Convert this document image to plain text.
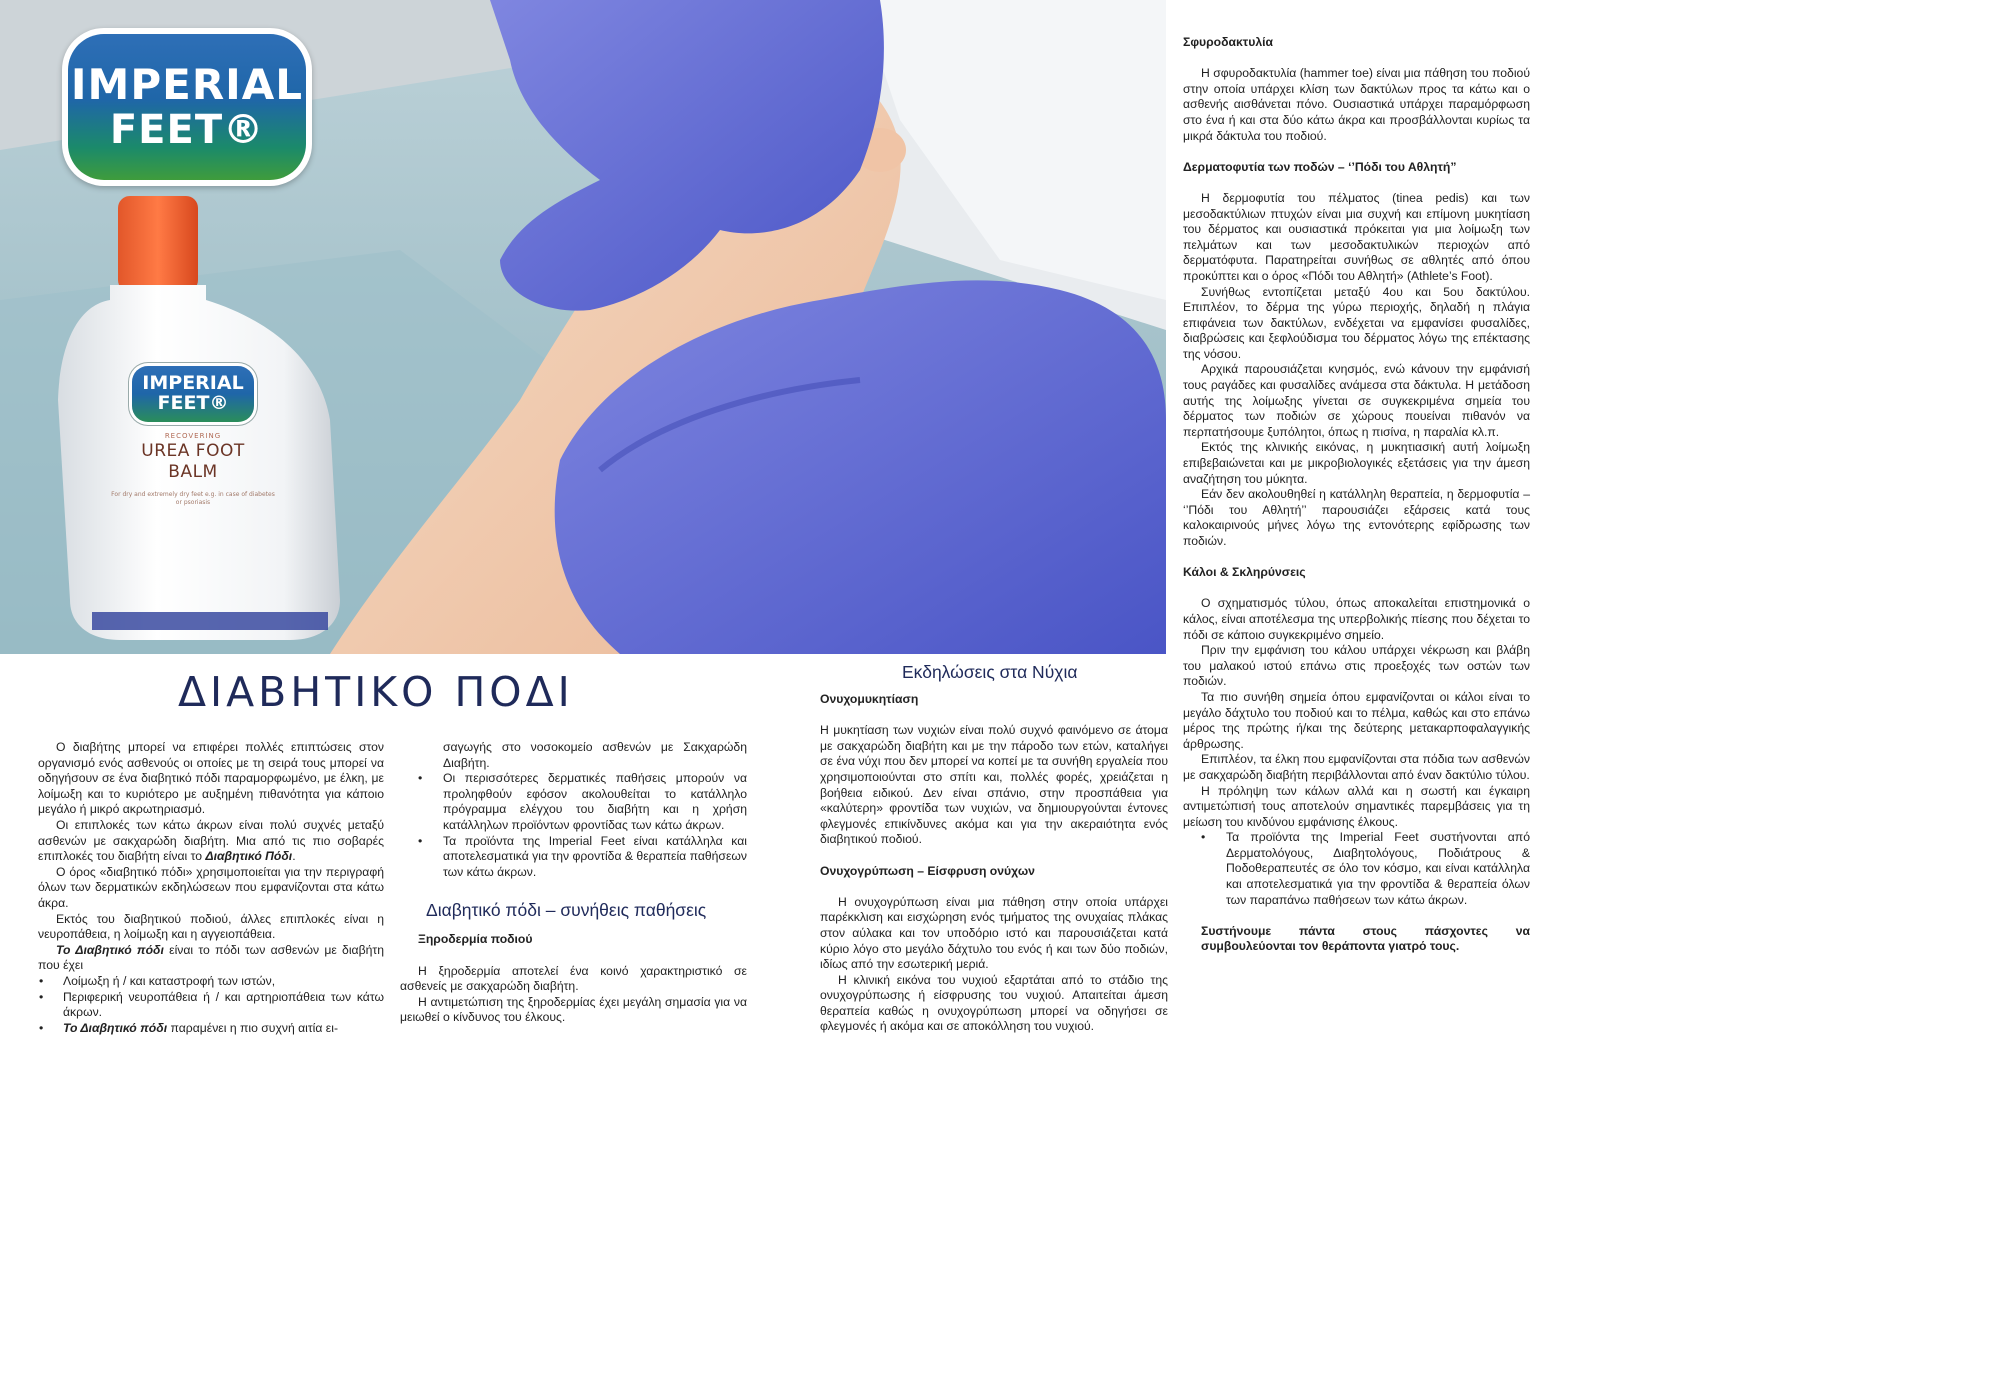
IMPERIAL
FEET®
IMPERIAL
FEET®
RECOVERING
UREA FOOT
BALM
For dry and extremely dry feet e.g. in case of diabetes or psoriasis
ΔΙΑΒΗΤΙΚΟ ΠΟΔΙ

Ο διαβήτης μπορεί να επιφέρει πολλές επιπτώσεις στον οργανισμό ενός ασθενούς οι οποίες με τη σειρά τους μπορεί να οδηγήσουν σε ένα διαβητικό πόδι παραμορφωμένο, με έλκη, με λοίμωξη και το κυριότερο με αυξημένη πιθανότητα για κάποιο μεγάλο ή μικρό ακρωτηριασμό.

Οι επιπλοκές των κάτω άκρων είναι πολύ συχνές μεταξύ ασθενών με σακχαρώδη διαβήτη. Μια από τις πιο σοβαρές επιπλοκές του διαβήτη είναι το Διαβητικό Πόδι.

Ο όρος «διαβητικό πόδι» χρησιμοποιείται για την περιγραφή όλων των δερματικών εκδηλώσεων που εμφανίζονται στα κάτω άκρα.

Εκτός του διαβητικού ποδιού, άλλες επιπλοκές είναι η νευροπάθεια, η λοίμωξη και η αγγειοπάθεια.

Το Διαβητικό πόδι είναι το πόδι των ασθενών με διαβήτη που έχει

• Λοίμωξη ή / και καταστροφή των ιστών,
• Περιφερική νευροπάθεια ή / και αρτηριοπάθεια των κάτω άκρων.
• Το Διαβητικό πόδι παραμένει η πιο συχνή αιτία ει-

σαγωγής στο νοσοκομείο ασθενών με Σακχαρώδη Διαβήτη.

• Οι περισσότερες δερματικές παθήσεις μπορούν να προληφθούν εφόσον ακολουθείται το κατάλληλο πρόγραμμα ελέγχου του διαβήτη και η χρήση κατάλληλων προϊόντων φροντίδας των κάτω άκρων.
• Τα προϊόντα της Imperial Feet είναι κατάλληλα και αποτελεσματικά για την φροντίδα & θεραπεία παθήσεων των κάτω άκρων.
Διαβητικό πόδι – συνήθεις παθήσεις
Ξηροδερμία ποδιού

Η ξηροδερμία αποτελεί ένα κοινό χαρακτηριστικό σε ασθενείς με σακχαρώδη διαβήτη.

Η αντιμετώπιση της ξηροδερμίας έχει μεγάλη σημασία για να μειωθεί ο κίνδυνος του έλκους.

Εκδηλώσεις στα Νύχια
Ονυχομυκητίαση

Η μυκητίαση των νυχιών είναι πολύ συχνό φαινόμενο σε άτομα με σακχαρώδη διαβήτη και με την πάροδο των ετών, καταλήγει σε ένα νύχι που δεν μπορεί να κοπεί με τα συνήθη εργαλεία που χρησιμοποιούνται στο σπίτι και, πολλές φορές, χρειάζεται η βοήθεια ειδικού. Δεν είναι σπάνιο, στην προσπάθεια για «καλύτερη» φροντίδα των νυχιών, να δημιουργούνται έντονες φλεγμονές επικίνδυνες ακόμα και για την ακεραιότητα ενός διαβητικού ποδιού.

Ονυχογρύπωση – Είσφρυση ονύχων

Η ονυχογρύπωση είναι μια πάθηση στην οποία υπάρχει παρέκκλιση και εισχώρηση ενός τμήματος της ονυχαίας πλάκας στον αύλακα και τον υποδόριο ιστό και παρουσιάζεται κατά κύριο λόγο στο μεγάλο δάχτυλο του ενός ή και των δύο ποδιών, ιδίως από την εσωτερική μεριά.

Η κλινική εικόνα του νυχιού εξαρτάται από το στάδιο της ονυχογρύπωσης ή είσφρυσης του νυχιού. Απαιτείται άμεση θεραπεία καθώς η ονυχογρύπωση μπορεί να οδηγήσει σε φλεγμονές ή ακόμα και σε αποκόλληση του νυχιού.

Σφυροδακτυλία

Η σφυροδακτυλία (hammer toe) είναι μια πάθηση του ποδιού στην οποία υπάρχει κλίση των δακτύλων προς τα κάτω και ο ασθενής αισθάνεται πόνο. Ουσιαστικά υπάρχει παραμόρφωση στο ένα ή και στα δύο κάτω άκρα και προσβάλλονται κυρίως τα μικρά δάκτυλα του ποδιού.

Δερματοφυτία των ποδών – ‘’Πόδι του Αθλητή”

Η δερμοφυτία του πέλματος (tinea pedis) και των μεσοδακτύλιων πτυχών είναι μια συχνή και επίμονη μυκητίαση του δέρματος και ουσιαστικά πρόκειται για μια λοίμωξη των πελμάτων και των μεσοδακτυλικών περιοχών από δερματόφυτα. Παρατηρείται συνήθως σε αθλητές από όπου προκύπτει και ο όρος «Πόδι του Αθλητή» (Athlete’s Foot).

Συνήθως εντοπίζεται μεταξύ 4ου και 5ου δακτύλου. Επιπλέον, το δέρμα της γύρω περιοχής, δηλαδή η πλάγια επιφάνεια των δακτύλων, ενδέχεται να εμφανίσει φυσαλίδες, διαβρώσεις και ξεφλούδισμα του δέρματος λόγω της επέκτασης της νόσου.

Αρχικά παρουσιάζεται κνησμός, ενώ κάνουν την εμφάνισή τους ραγάδες και φυσαλίδες ανάμεσα στα δάκτυλα. Η μετάδοση αυτής της λοίμωξης γίνεται σε συγκεκριμένα σημεία του δέρματος των ποδιών σε χώρους πουείναι πιθανόν να περπατήσουμε ξυπόλητοι, όπως η πισίνα, η παραλία κλ.π.

Εκτός της κλινικής εικόνας, η μυκητιασική αυτή λοίμωξη επιβεβαιώνεται και με μικροβιολογικές εξετάσεις για την άμεση αναζήτηση του μύκητα.

Εάν δεν ακολουθηθεί η κατάλληλη θεραπεία, η δερμοφυτία – ‘’Πόδι του Αθλητή’’ παρουσιάζει εξάρσεις κατά τους καλοκαιρινούς μήνες λόγω της εντονότερης εφίδρωσης των ποδιών.

Κάλοι & Σκληρύνσεις

Ο σχηματισμός τύλου, όπως αποκαλείται επιστημονικά ο κάλος, είναι αποτέλεσμα της υπερβολικής πίεσης που δέχεται το πόδι σε κάποιο συγκεκριμένο σημείο.

Πριν την εμφάνιση του κάλου υπάρχει νέκρωση και βλάβη του μαλακού ιστού επάνω στις προεξοχές των οστών των ποδιών.

Τα πιο συνήθη σημεία όπου εμφανίζονται οι κάλοι είναι το μεγάλο δάχτυλο του ποδιού και το πέλμα, καθώς και στο επάνω μέρος της πρώτης ή/και της δεύτερης μετακαρποφαλαγγικής άρθρωσης.

Επιπλέον, τα έλκη που εμφανίζονται στα πόδια των ασθενών με σακχαρώδη διαβήτη περιβάλλονται από έναν δακτύλιο τύλου.

Η πρόληψη των κάλων αλλά και η σωστή και έγκαιρη αντιμετώπισή τους αποτελούν σημαντικές παρεμβάσεις για τη μείωση του κινδύνου εμφάνισης έλκους.

• Τα προϊόντα της Imperial Feet συστήνονται από Δερματολόγους, Διαβητολόγους, Ποδιάτρους & Ποδοθεραπευτές σε όλο τον κόσμο, και είναι κατάλληλα και αποτελεσματικά για την φροντίδα & θεραπεία όλων των παραπάνω παθήσεων των κάτω άκρων.

Συστήνουμε πάντα στους πάσχοντες να συμβουλεύονται τον θεράποντα γιατρό τους.
